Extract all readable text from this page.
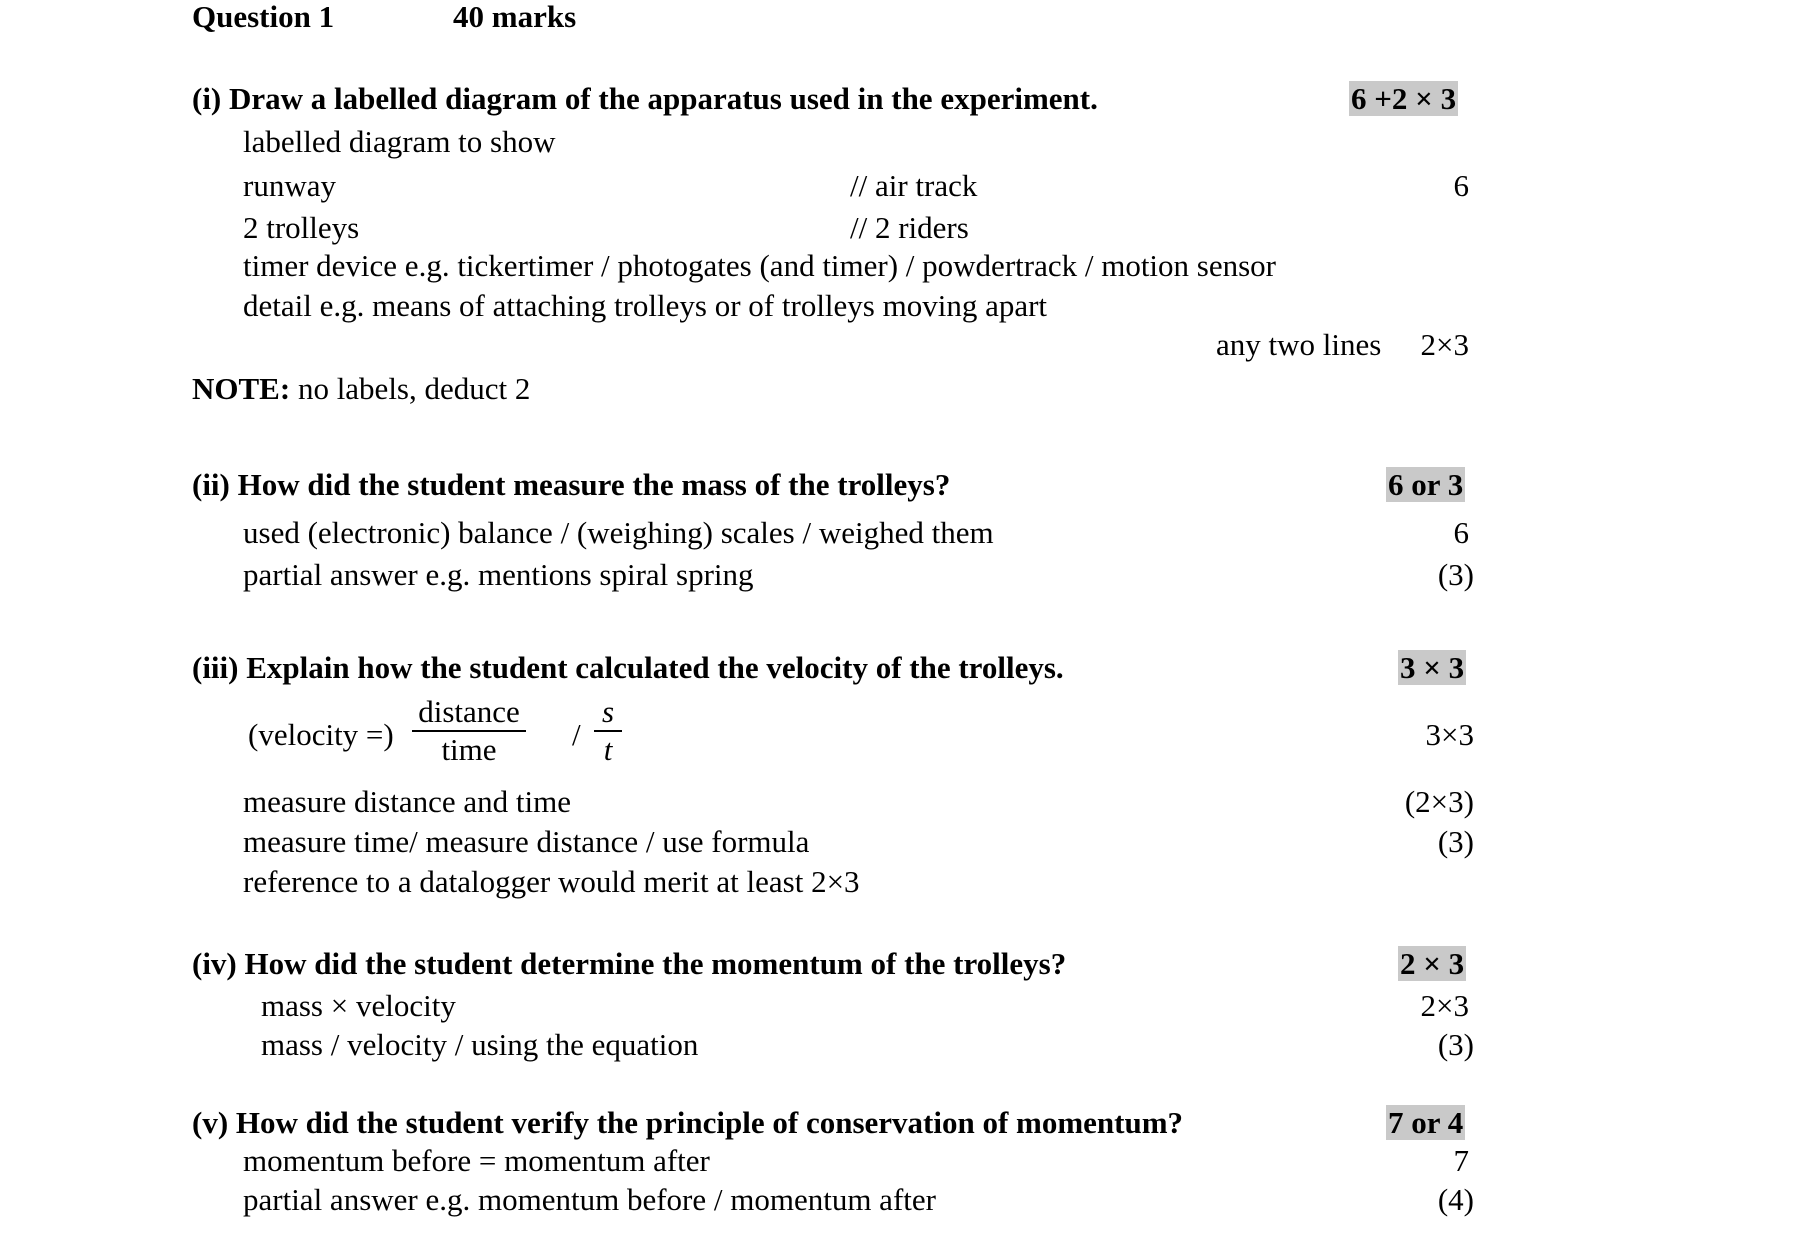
Question 1	40 marks
(i) Draw a labelled diagram of the apparatus used in the experiment.	6 +2 × 3
labelled diagram to show
runway	// air track	6
2 trolleys	// 2 riders
timer device e.g. tickertimer / photogates (and timer) / powdertrack / motion sensor
detail e.g. means of attaching trolleys or of trolleys moving apart
any two lines 2×3
NOTE: no labels, deduct 2
(ii) How did the student measure the mass of the trolleys?	6 or 3
used (electronic) balance / (weighing) scales / weighed them	6
partial answer e.g. mentions spiral spring	(3)
(iii) Explain how the student calculated the velocity of the trolleys.	3 × 3
(velocity =)
distance
time	/
s
t	3×3
measure distance and time	(2×3)
measure time/ measure distance / use formula	(3)
reference to a datalogger would merit at least 2×3
(iv) How did the student determine the momentum of the trolleys?	2 × 3
mass × velocity	2×3
mass / velocity / using the equation	(3)
(v) How did the student verify the principle of conservation of momentum?	7 or 4
momentum before = momentum after	7
partial answer e.g. momentum before / momentum after	(4)
